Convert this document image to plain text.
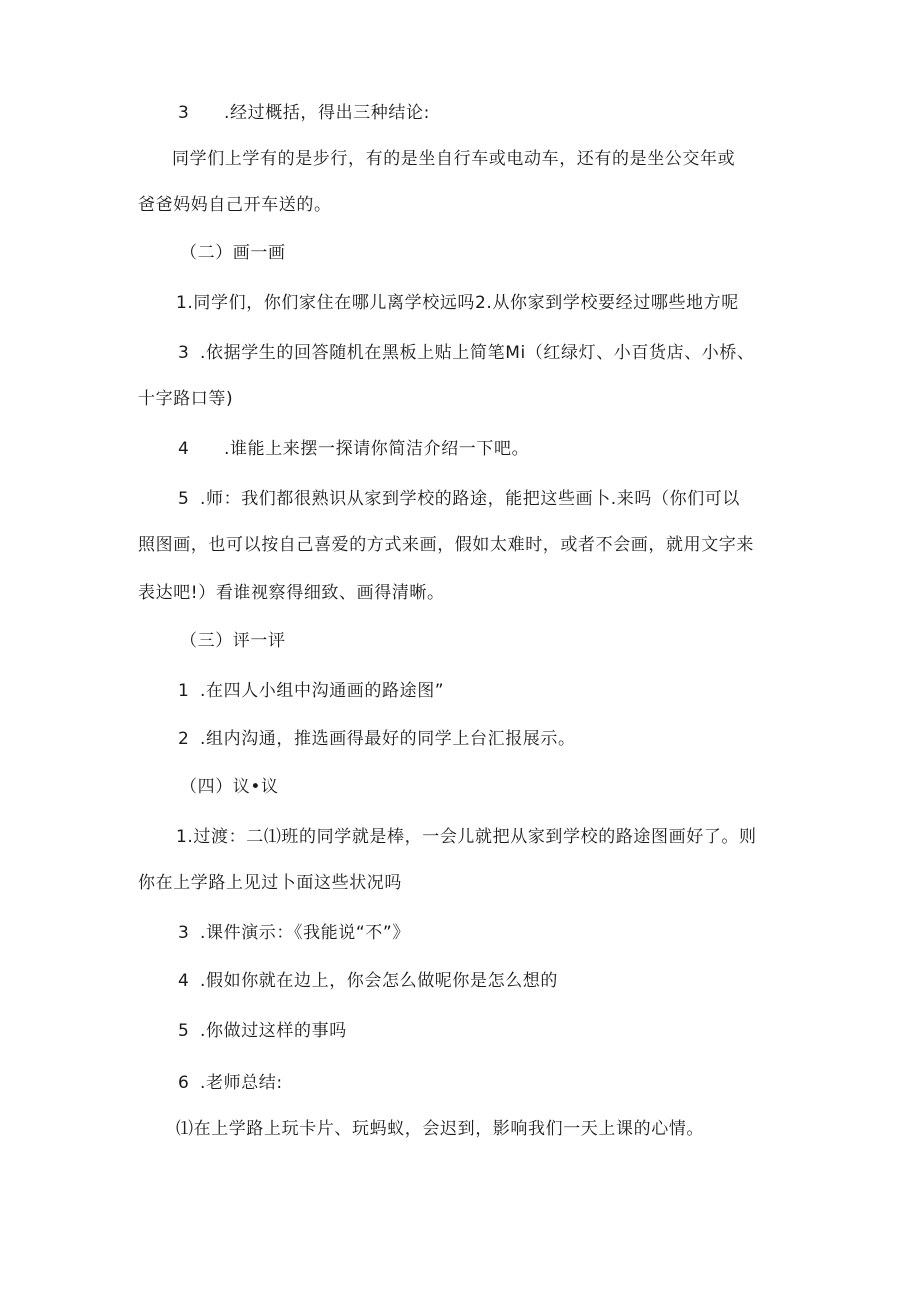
3 .经过概括，得出三种结论:
同学们上学有的是步行，有的是坐自行车或电动车，还有的是坐公交年或
爸爸妈妈自己开车送的。
（二）画一画
1.同学们，你们家住在哪儿离学校远吗2.从你家到学校要经过哪些地方呢
3 .依据学生的回答随机在黑板上贴上简笔Mi（红绿灯、小百货店、小桥、
十字路口等)
4 .谁能上来摆一探请你简洁介绍一下吧。
5 .师：我们都很熟识从家到学校的路途，能把这些画卜.来吗（你们可以
照图画，也可以按自己喜爱的方式来画，假如太难时，或者不会画，就用文字来
表达吧!）看谁视察得细致、画得清晰。
（三）评一评
1 .在四人小组中沟通画的路途图”
2 .组内沟通，推选画得最好的同学上台汇报展示。
（四）议•议
1.过渡：二⑴班的同学就是棒，一会儿就把从家到学校的路途图画好了。则
你在上学路上见过卜面这些状况吗
3 .课件演示：《我能说“不”》
4 .假如你就在边上，你会怎么做呢你是怎么想的
5 .你做过这样的事吗
6 .老师总结:
⑴在上学路上玩卡片、玩蚂蚁，会迟到，影响我们一天上课的心情。
